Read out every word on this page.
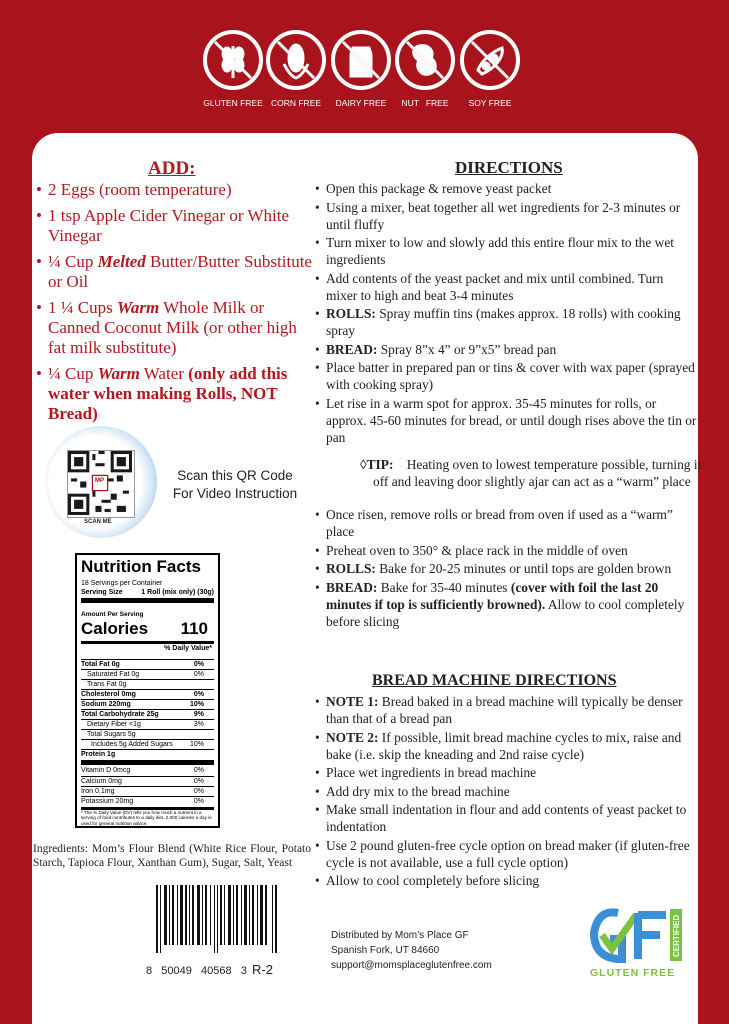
GLUTEN FREE CORN FREE	DAIRY FREE	NUT   FREE	SOY FREE
ADD:
• 2 Eggs (room temperature)
• 1 tsp Apple Cider Vinegar or White Vinegar
• ¼ Cup Melted Butter/Butter Substitute or Oil
• 1 ¼ Cups Warm Whole Milk or Canned Coconut Milk (or other high fat milk substitute)
• ¼ Cup Warm Water (only add this water when making Rolls, NOT Bread)
MP
SCAN ME
Scan this QR Code For Video Instruction
Nutrition Facts
18 Servings per Container
Serving Size	1 Roll (mix only) (30g)
Amount Per Serving
Calories 110
% Daily Value*
Total Fat 0g	0%
Saturated Fat 0g	0%
Trans Fat 0g
Cholesterol 0mg	0%
Sodium 220mg	10%
Total Carbohydrate 25g	9%
Dietary Fiber <1g	3%
Total Sugars 5g
Includes 5g Added Sugars 10%
Protein 1g
Vitamin D 0mcg	0%
Calcium 0mg	0%
Iron 0.1mg	0%
Potassium 20mg	0%
* The % Daily Value (DV) tells you how much a nutrient in a serving of food contributes to a daily diet. 2,000 calories a day is used for general nutrition advice.
Ingredients: Mom’s Flour Blend (White Rice Flour, Potato Starch, Tapioca Flour, Xanthan Gum), Sugar, Salt, Yeast
8   50049   40568   3 R-2
DIRECTIONS
• Open this package & remove yeast packet
• Using a mixer, beat together all wet ingredients for 2-3 minutes or until fluffy
• Turn mixer to low and slowly add this entire flour mix to the wet ingredients
• Add contents of the yeast packet and mix until combined. Turn mixer to high and beat 3-4 minutes
• ROLLS: Spray muffin tins (makes approx. 18 rolls) with cooking spray
• BREAD: Spray 8”x 4” or 9”x5” bread pan
• Place batter in prepared pan or tins & cover with wax paper (sprayed with cooking spray)
• Let rise in a warm spot for approx. 35-45 minutes for rolls, or approx. 45-60 minutes for bread, or until dough rises above the tin or pan
◊TIP: Heating oven to lowest temperature possible, turning it off and leaving door slightly ajar can act as a “warm” place
• Once risen, remove rolls or bread from oven if used as a “warm” place
• Preheat oven to 350° & place rack in the middle of oven
• ROLLS: Bake for 20-25 minutes or until tops are golden brown
• BREAD: Bake for 35-40 minutes (cover with foil the last 20 minutes if top is sufficiently browned). Allow to cool completely before slicing
BREAD MACHINE DIRECTIONS
• NOTE 1: Bread baked in a bread machine will typically be denser than that of a bread pan
• NOTE 2: If possible, limit bread machine cycles to mix, raise and bake (i.e. skip the kneading and 2nd raise cycle)
• Place wet ingredients in bread machine
• Add dry mix to the bread machine
• Make small indentation in flour and add contents of yeast packet to indentation
• Use 2 pound gluten-free cycle option on bread maker (if gluten-free cycle is not available, use a full cycle option)
• Allow to cool completely before slicing
Distributed by Mom’s Place GF
Spanish Fork, UT 84660
support@momsplaceglutenfree.com
CERTIFIED
GLUTEN FREE
